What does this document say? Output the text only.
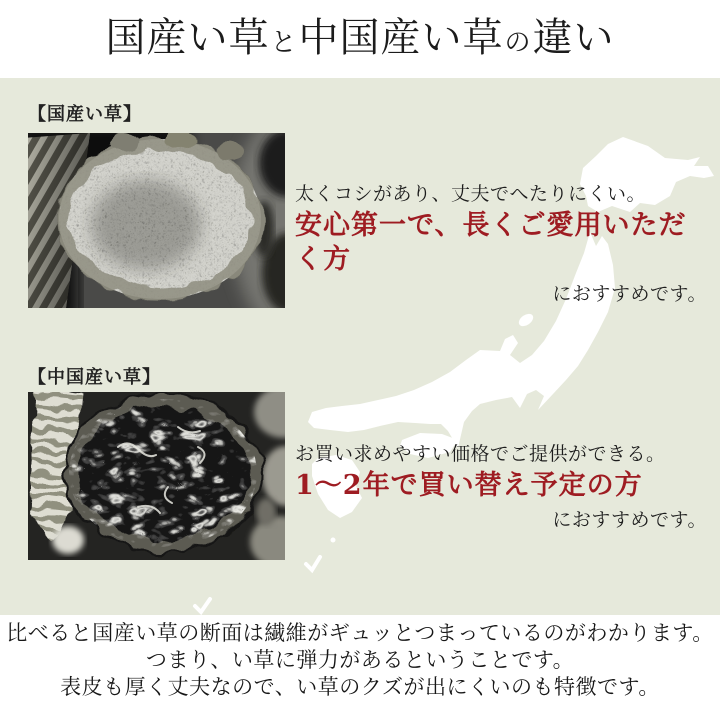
国産い草 と 中国産い草 の 違い
【国産い草】

太くコシがあり、丈夫でへたりにくい。

安心第一で、長くご愛用いただく方

におすすめです。

【中国産い草】

お買い求めやすい価格でご提供ができる。

1〜2年で買い替え予定の方

におすすめです。

比べると国産い草の断面は繊維がギュッとつまっているのがわかります。

つまり、い草に弾力があるということです。

表皮も厚く丈夫なので、い草のクズが出にくいのも特徴です。
